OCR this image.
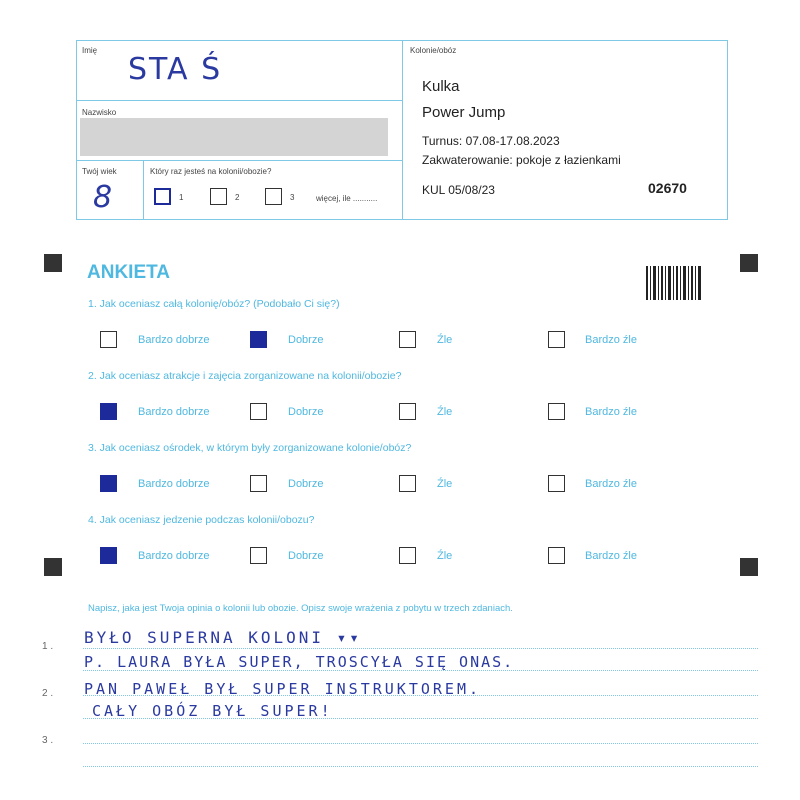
Imię
STA Ś
Nazwisko
Twój wiek
8
Który raz jesteś na kolonii/obozie?
1	2	3	więcej, ile ...........
Kolonie/obóz
Kulka
Power Jump
Turnus: 07.08-17.08.2023
Zakwaterowanie: pokoje z łazienkami
KUL 05/08/23	02670
ANKIETA
1. Jak oceniasz całą kolonię/obóz? (Podobało Ci się?)
Bardzo dobrze	Dobrze	Źle	Bardzo źle
2. Jak oceniasz atrakcje i zajęcia zorganizowane na kolonii/obozie?
Bardzo dobrze	Dobrze	Źle	Bardzo źle
3. Jak oceniasz ośrodek, w którym były zorganizowane kolonie/obóz?
Bardzo dobrze	Dobrze	Źle	Bardzo źle
4. Jak oceniasz jedzenie podczas kolonii/obozu?
Bardzo dobrze	Dobrze	Źle	Bardzo źle
Napisz, jaka jest Twoja opinia o kolonii lub obozie. Opisz swoje wrażenia z pobytu w trzech zdaniach.
1 .
2 .
3 .
BYŁO SUPERNA KOLONI ▾▾
P. LAURA BYŁA SUPER, TROSCYŁA SIĘ ONAS.
PAN PAWEŁ BYŁ SUPER INSTRUKTOREM.
CAŁY OBÓZ BYŁ SUPER!
